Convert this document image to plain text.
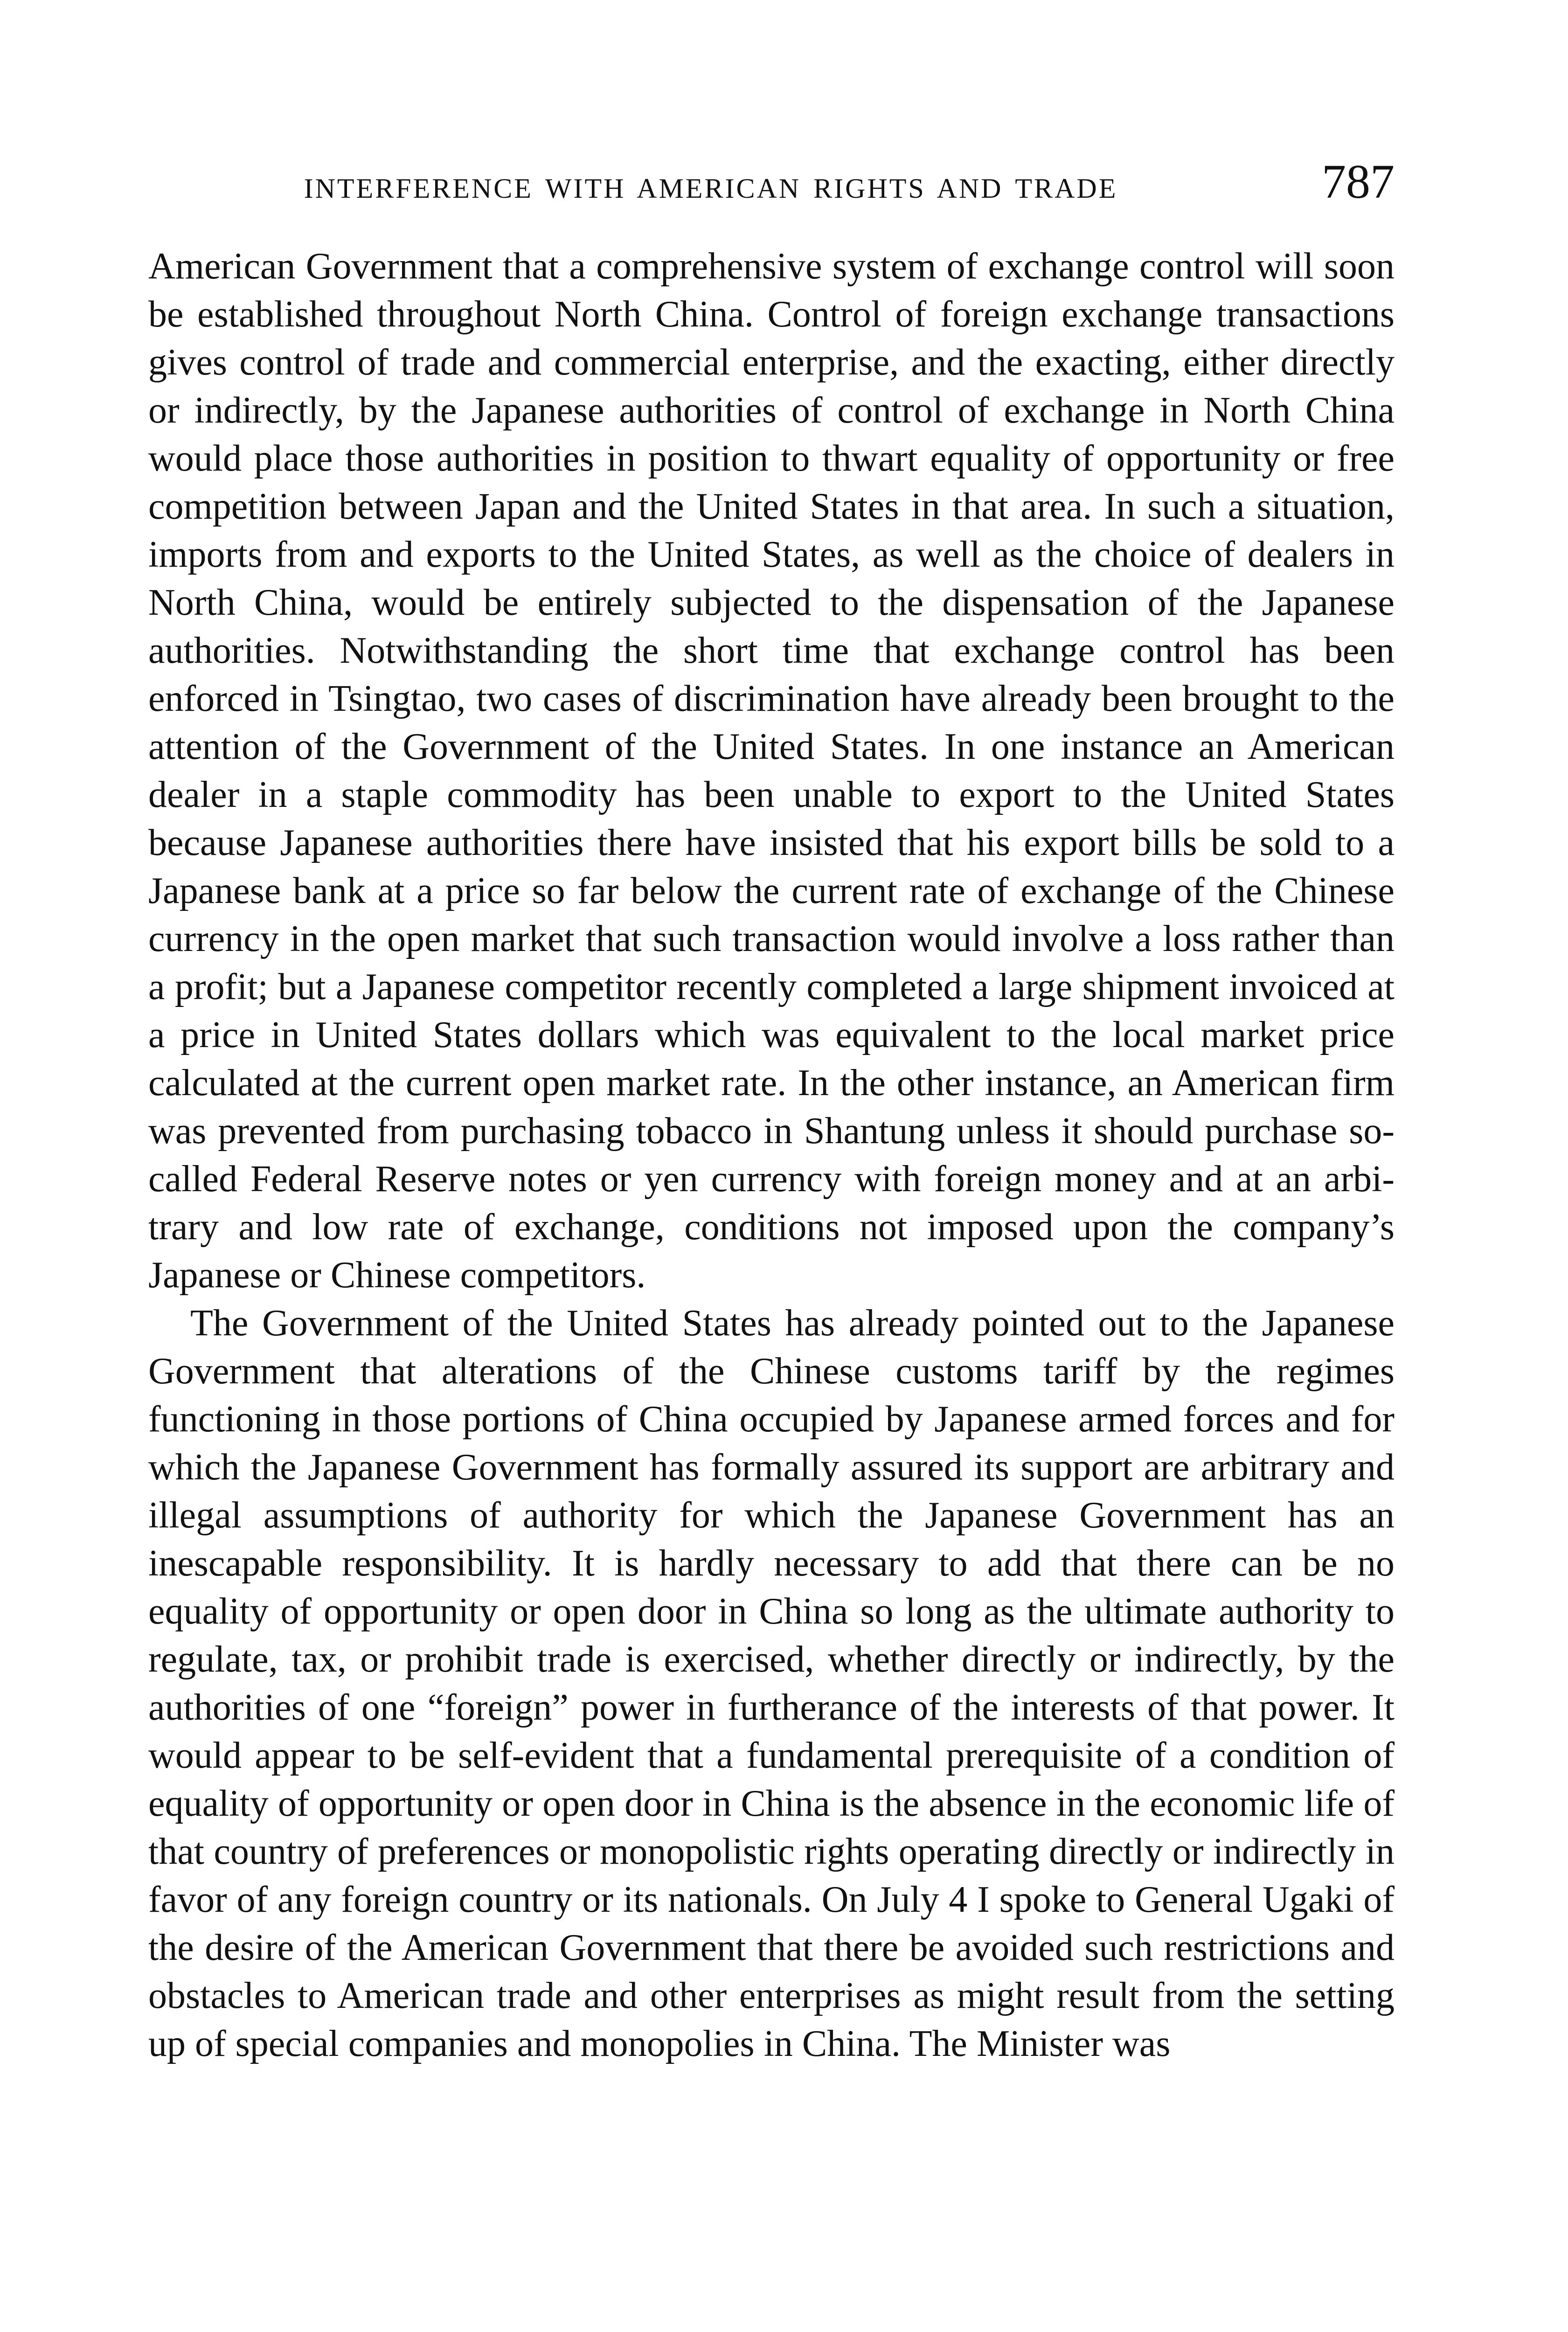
INTERFERENCE WITH AMERICAN RIGHTS AND TRADE	787

American Government that a comprehensive system of exchange control will soon be established throughout North China. Control of foreign exchange transactions gives control of trade and commercial enterprise, and the exacting, either directly or indirectly, by the Japanese authorities of control of exchange in North China would place those authorities in position to thwart equality of opportunity or free competition between Japan and the United States in that area. In such a situation, imports from and exports to the United States, as well as the choice of dealers in North China, would be entirely subjected to the dispensation of the Japanese authorities. Notwithstanding the short time that exchange control has been enforced in Tsingtao, two cases of discrimination have already been brought to the attention of the Government of the United States. In one instance an American dealer in a staple commodity has been unable to export to the United States because Japanese authorities there have insisted that his export bills be sold to a Japanese bank at a price so far below the current rate of exchange of the Chinese currency in the open market that such transaction would involve a loss rather than a profit; but a Japanese competitor recently completed a large shipment invoiced at a price in United States dollars which was equivalent to the local market price calculated at the current open market rate. In the other instance, an American firm was prevented from purchasing tobacco in Shantung unless it should purchase so-called Federal Reserve notes or yen currency with foreign money and at an arbitrary and low rate of exchange, conditions not imposed upon the company’s Japanese or Chinese competitors.

The Government of the United States has already pointed out to the Japanese Government that alterations of the Chinese customs tariff by the regimes functioning in those portions of China occupied by Japanese armed forces and for which the Japanese Government has formally assured its support are arbitrary and illegal assumptions of authority for which the Japanese Government has an inescapable responsibility. It is hardly necessary to add that there can be no equality of opportunity or open door in China so long as the ultimate authority to regulate, tax, or prohibit trade is exercised, whether directly or indirectly, by the authorities of one “foreign” power in furtherance of the interests of that power. It would appear to be self-evident that a fundamental prerequisite of a condition of equality of opportunity or open door in China is the absence in the economic life of that country of preferences or monopolistic rights operating directly or indirectly in favor of any foreign country or its nationals. On July 4 I spoke to General Ugaki of the desire of the American Government that there be avoided such restrictions and obstacles to American trade and other enterprises as might result from the setting up of special companies and monopolies in China. The Minister was
